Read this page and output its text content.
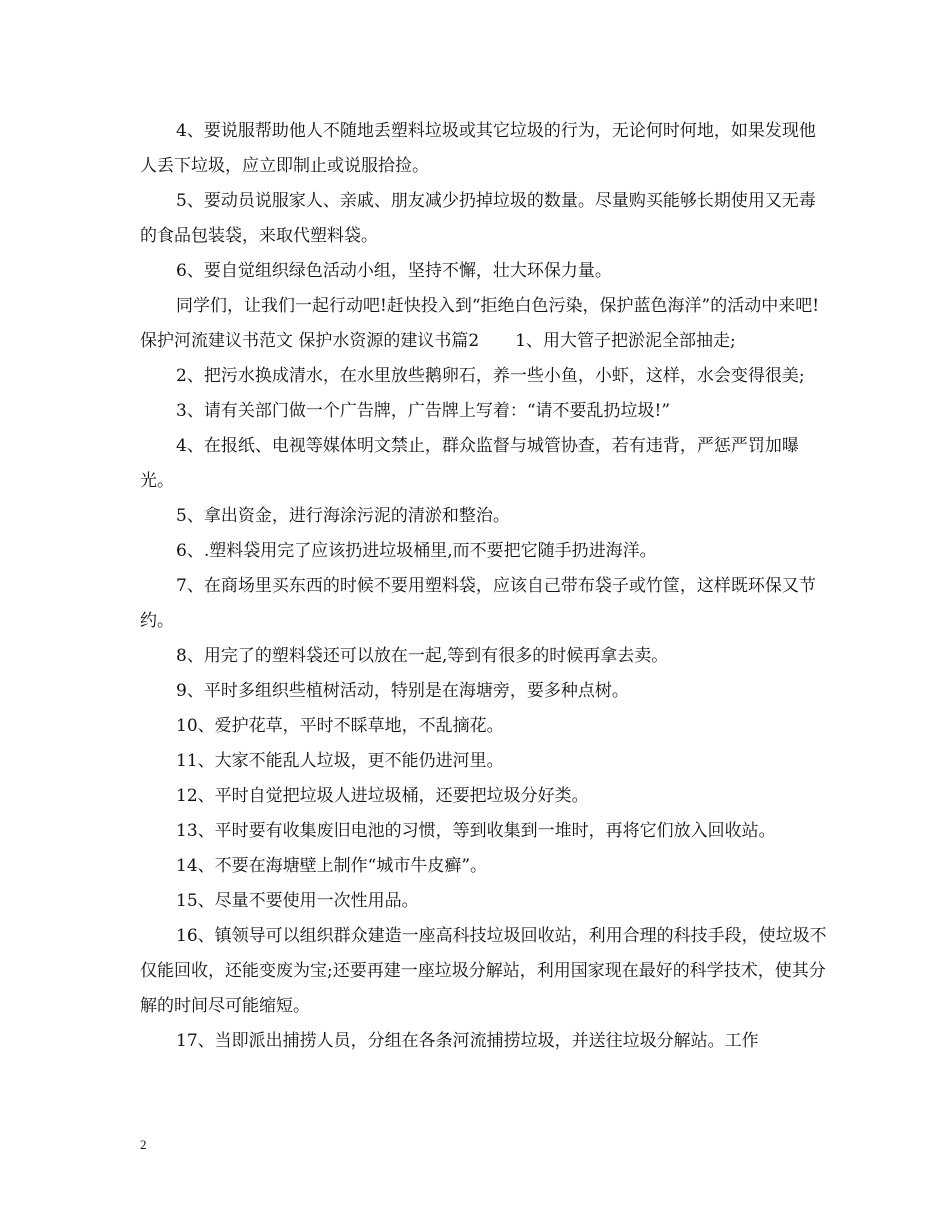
4、要说服帮助他人不随地丢塑料垃圾或其它垃圾的行为，无论何时何地，如果发现他人丢下垃圾，应立即制止或说服拾捡。

5、要动员说服家人、亲戚、朋友减少扔掉垃圾的数量。尽量购买能够长期使用又无毒的食品包装袋，来取代塑料袋。

6、要自觉组织绿色活动小组，坚持不懈，壮大环保力量。

同学们，让我们一起行动吧!赶快投入到“拒绝白色污染，保护蓝色海洋”的活动中来吧!

保护河流建议书范文 保护水资源的建议书篇2 1、用大管子把淤泥全部抽走;

2、把污水换成清水，在水里放些鹅卵石，养一些小鱼，小虾，这样，水会变得很美;

3、请有关部门做一个广告牌，广告牌上写着：“请不要乱扔垃圾!”

4、在报纸、电视等媒体明文禁止，群众监督与城管协查，若有违背，严惩严罚加曝光。

5、拿出资金，进行海涂污泥的清淤和整治。

6、.塑料袋用完了应该扔进垃圾桶里,而不要把它随手扔进海洋。

7、在商场里买东西的时候不要用塑料袋，应该自己带布袋子或竹筐，这样既环保又节约。

8、用完了的塑料袋还可以放在一起,等到有很多的时候再拿去卖。

9、平时多组织些植树活动，特别是在海塘旁，要多种点树。

10、爱护花草，平时不睬草地，不乱摘花。

11、大家不能乱人垃圾，更不能仍进河里。

12、平时自觉把垃圾人进垃圾桶，还要把垃圾分好类。

13、平时要有收集废旧电池的习惯，等到收集到一堆时，再将它们放入回收站。

14、不要在海塘壁上制作“城市牛皮癣”。

15、尽量不要使用一次性用品。

16、镇领导可以组织群众建造一座高科技垃圾回收站，利用合理的科技手段，使垃圾不仅能回收，还能变废为宝;还要再建一座垃圾分解站，利用国家现在最好的科学技术，使其分解的时间尽可能缩短。

17、当即派出捕捞人员，分组在各条河流捕捞垃圾，并送往垃圾分解站。工作

2
